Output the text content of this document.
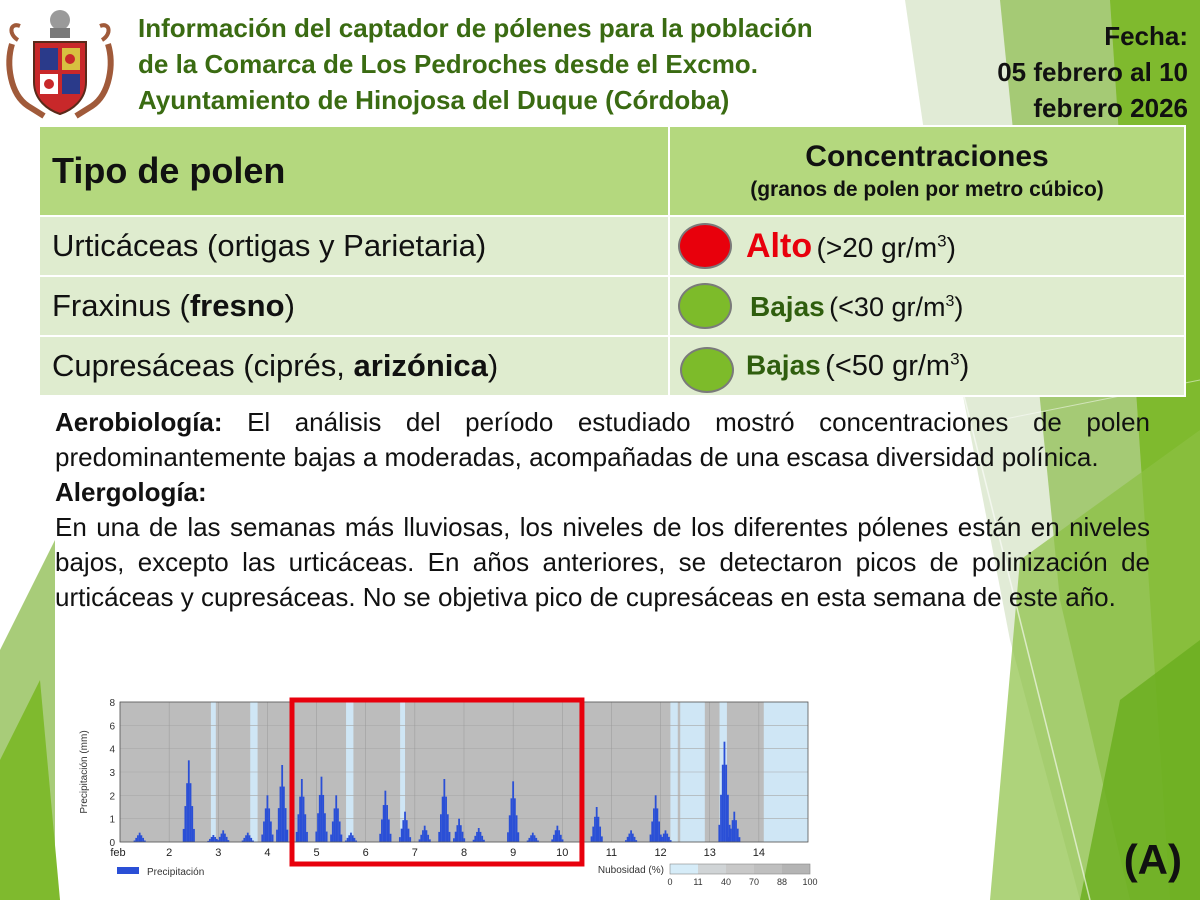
Información del captador de pólenes para la población
de la Comarca de Los Pedroches desde el Excmo.
Ayuntamiento de Hinojosa del Duque (Córdoba)
Fecha:
05 febrero al 10
febrero 2026
Tipo de polen	Concentraciones
(granos de polen por metro cúbico)

Urticáceas (ortigas y Parietaria)	Alto (>20 $gr/m^3$)

Fraxinus (fresno)	Bajas (<30 $gr/m^3$)

Cupresáceas (ciprés, arizónica)	Bajas (<50 $gr/m^3$)

Aerobiología: El análisis del período estudiado mostró concentraciones de polen predominantemente bajas a moderadas, acompañadas de una escasa diversidad polínica.

Alergología:

En una de las semanas más lluviosas, los niveles de los diferentes pólenes están en niveles bajos, excepto las urticáceas. En años anteriores, se detectaron picos de polinización de urticáceas y cupresáceas. No se objetiva pico de cupresáceas en esta semana de este año.

0
1
2
3
4
6
8
Precipitación (mm)
feb	2	3	4	5	6	7	8	9	10	11	12	13	14
Precipitación	Nubosidad (%)
0 11 40 70 88 100	(A)
